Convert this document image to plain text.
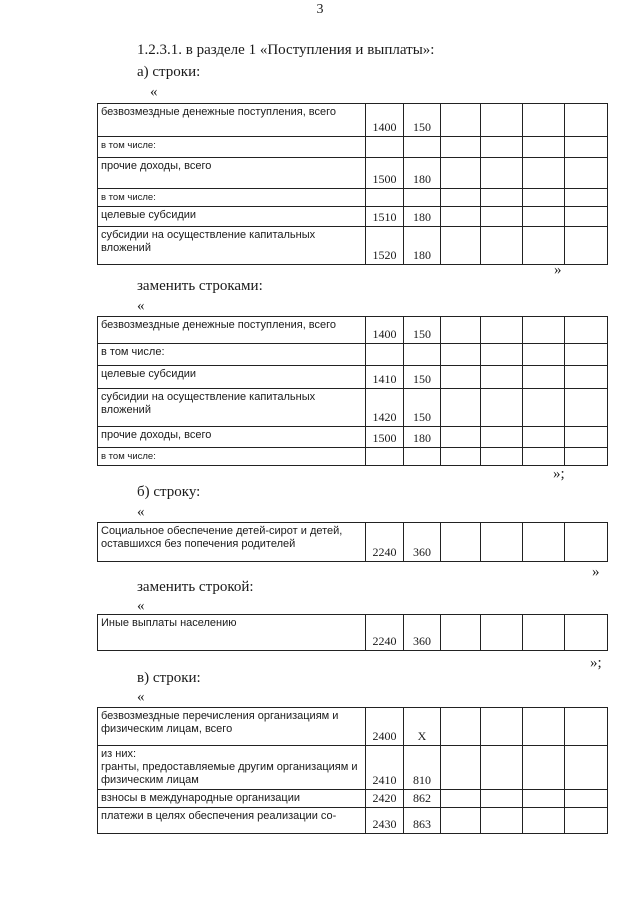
3
1.2.3.1. в разделе 1 «Поступления и выплаты»:
а) строки:
«
безвозмездные денежные поступления, всего	1400	150				
в том числе:						
прочие доходы, всего	1500	180				
в том числе:						
целевые субсидии	1510	180				
субсидии на осуществление капитальных вложений	1520	180				
»
заменить строками:
«
безвозмездные денежные поступления, всего	1400	150				
в том числе:						
целевые субсидии	1410	150				
субсидии на осуществление капитальных вложений	1420	150				
прочие доходы, всего	1500	180				
в том числе:						
»;
б) строку:
«
Социальное обеспечение детей-сирот и детей, оставшихся без попечения родителей	2240	360				
»
заменить строкой:
«
Иные выплаты населению	2240	360				
»;
в) строки:
«
безвозмездные перечисления организациям и физическим лицам, всего	2400	Х				
из них:
гранты, предоставляемые другим организациям и физическим лицам	2410	810				
взносы в международные организации	2420	862				
платежи в целях обеспечения реализации со-	2430	863				
